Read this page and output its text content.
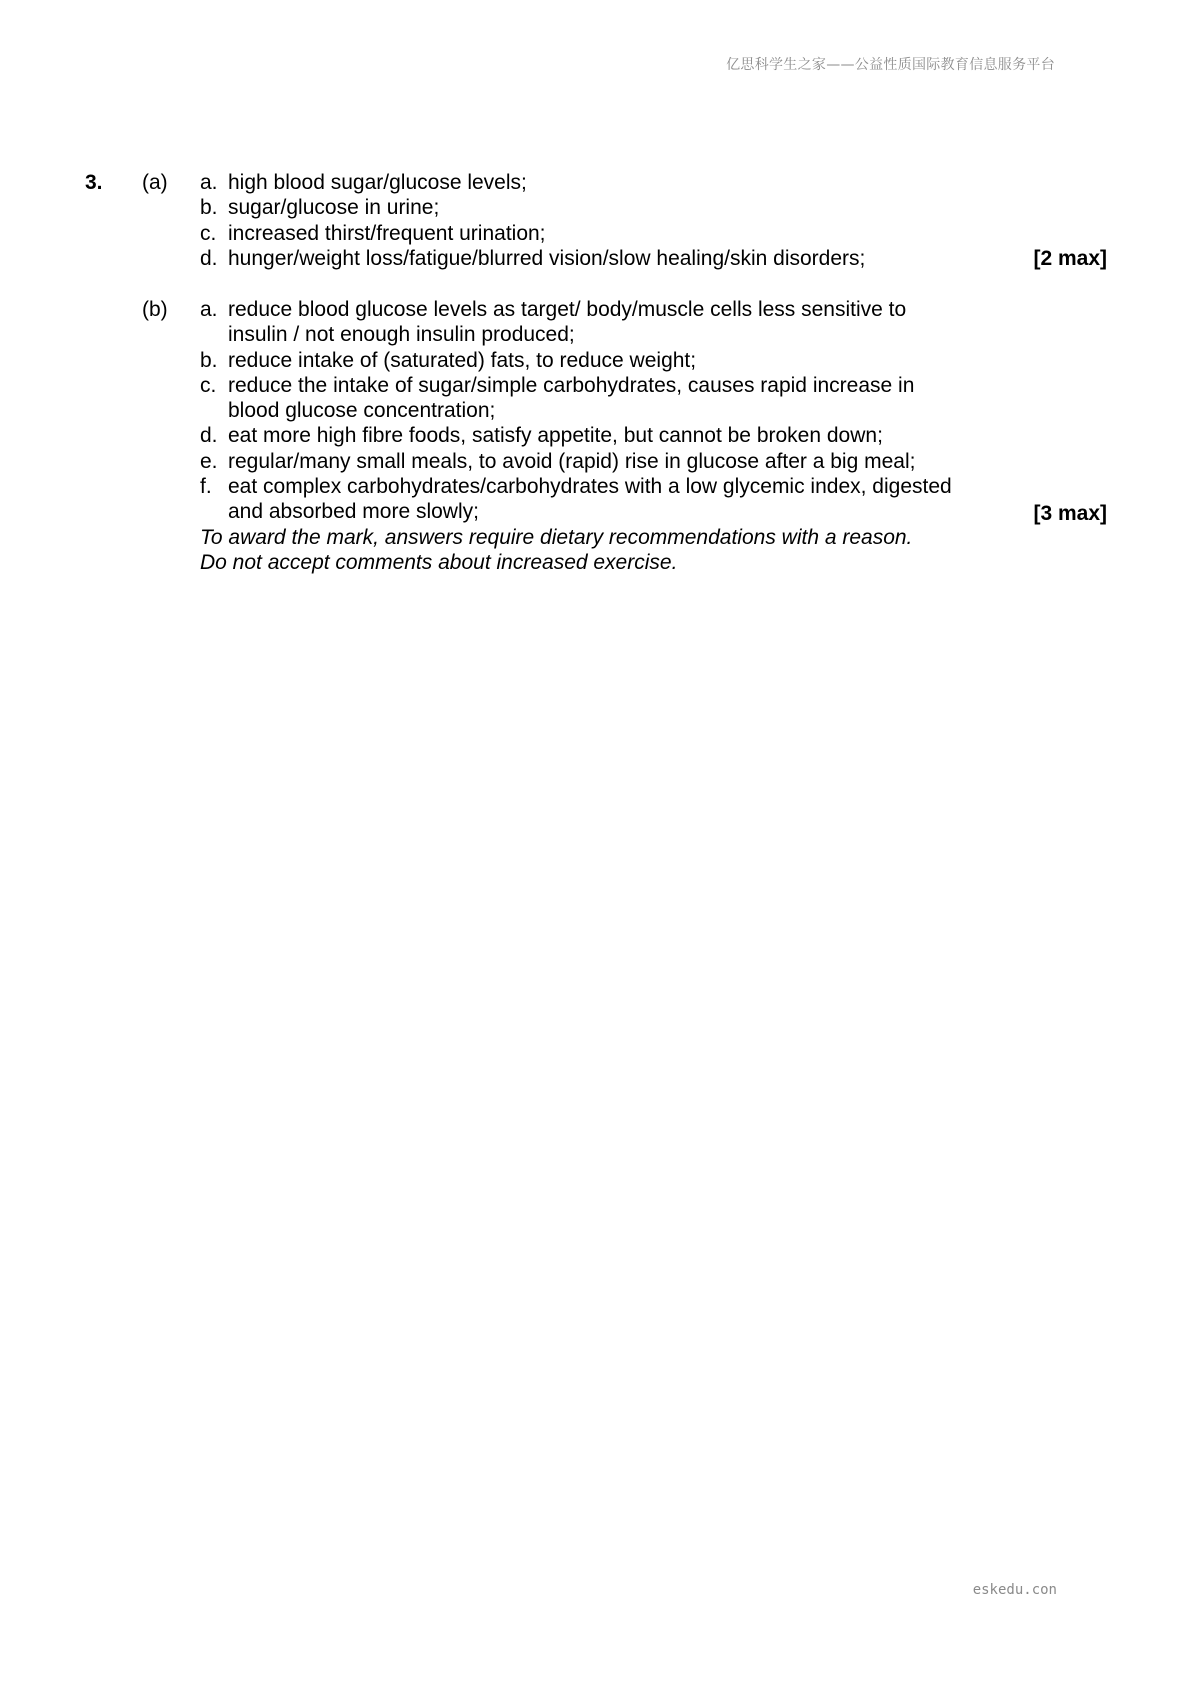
亿思科学生之家——公益性质国际教育信息服务平台
3. (a) a. high blood sugar/glucose levels;
b. sugar/glucose in urine;
c. increased thirst/frequent urination;
d. hunger/weight loss/fatigue/blurred vision/slow healing/skin disorders;	[2 max]
(b) a. reduce blood glucose levels as target/ body/muscle cells less sensitive to insulin / not enough insulin produced;
b. reduce intake of (saturated) fats, to reduce weight;
c. reduce the intake of sugar/simple carbohydrates, causes rapid increase in blood glucose concentration;
d. eat more high fibre foods, satisfy appetite, but cannot be broken down;
e. regular/many small meals, to avoid (rapid) rise in glucose after a big meal;
f. eat complex carbohydrates/carbohydrates with a low glycemic index, digested and absorbed more slowly;
To award the mark, answers require dietary recommendations with a reason.
Do not accept comments about increased exercise.
[3 max]
eskedu.con
